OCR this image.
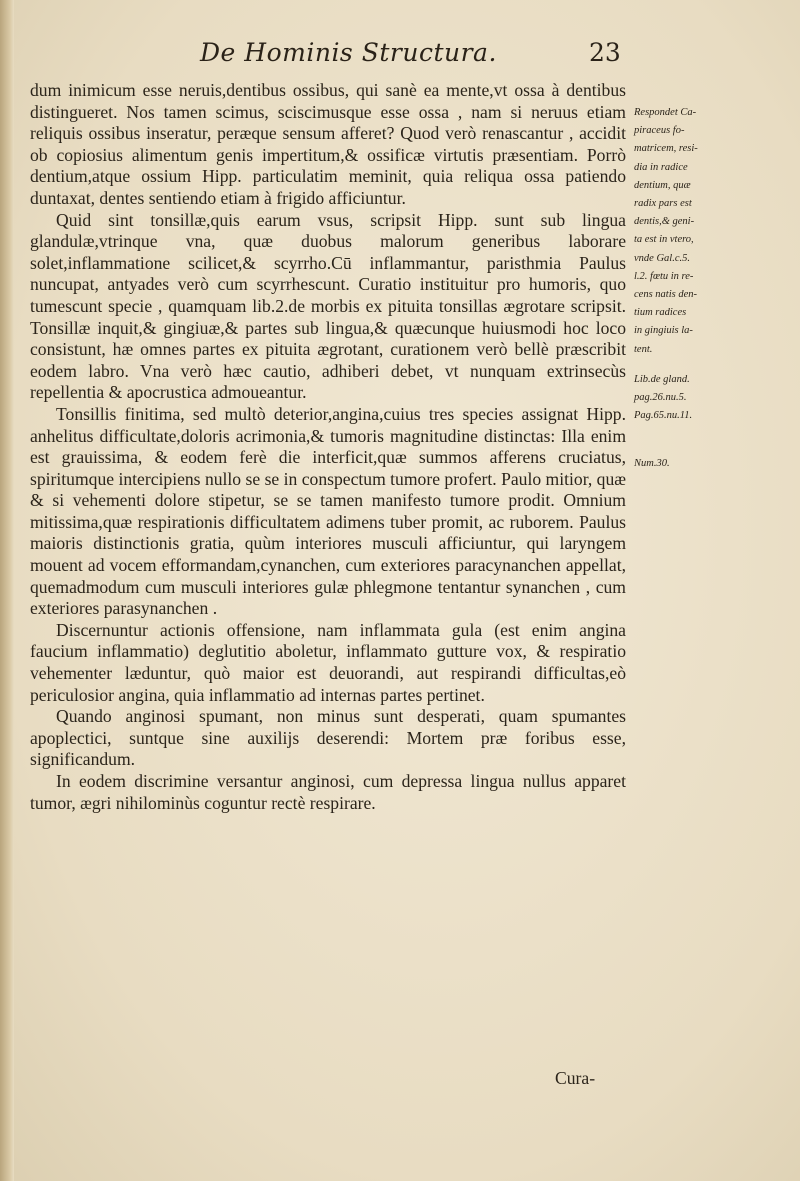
De Hominis Structura.	23

dum inimicum esse neruis,dentibus ossibus, qui sanè ea mente,vt ossa à dentibus distingueret. Nos tamen scimus, sciscimusque esse ossa , nam si neruus etiam reliquis ossibus inseratur, peræque sensum afferet? Quod verò renascantur , accidit ob copiosius alimentum genis impertitum,& ossificæ virtutis præsentiam. Porrò dentium,atque ossium Hipp. particulatim meminit, quia reliqua ossa patiendo duntaxat, dentes sentiendo etiam à frigido afficiuntur.

Quid sint tonsillæ,quis earum vsus, scripsit Hipp. sunt sub lingua glandulæ,vtrinque vna, quæ duobus malorum generibus laborare solet,inflammatione scilicet,& scyrrho.Cū inflammantur, paristhmia Paulus nuncupat, antyades verò cum scyrrhescunt. Curatio instituitur pro humoris, quo tumescunt specie , quamquam lib.2.de morbis ex pituita tonsillas ægrotare scripsit. Tonsillæ inquit,& gingiuæ,& partes sub lingua,& quæcunque huiusmodi hoc loco consistunt, hæ omnes partes ex pituita ægrotant, curationem verò bellè præscribit eodem labro. Vna verò hæc cautio, adhiberi debet, vt nunquam extrinsecùs repellentia & apocrustica admoueantur.

Tonsillis finitima, sed multò deterior,angina,cuius tres species assignat Hipp. anhelitus difficultate,doloris acrimonia,& tumoris magnitudine distinctas: Illa enim est grauissima, & eodem ferè die interficit,quæ summos afferens cruciatus, spiritumque intercipiens nullo se se in conspectum tumore profert. Paulo mitior, quæ & si vehementi dolore stipetur, se se tamen manifesto tumore prodit. Omnium mitissima,quæ respirationis difficultatem adimens tuber promit, ac ruborem. Paulus maioris distinctionis gratia, quùm interiores musculi afficiuntur, qui laryngem mouent ad vocem efformandam,cynanchen, cum exteriores paracynanchen appellat, quemadmodum cum musculi interiores gulæ phlegmone tentantur synanchen , cum exteriores parasynanchen .

Discernuntur actionis offensione, nam inflammata gula (est enim angina faucium inflammatio) deglutitio aboletur, inflammato gutture vox, & respiratio vehementer læduntur, quò maior est deuorandi, aut respirandi difficultas,eò periculosior angina, quia inflammatio ad internas partes pertinet.

Quando anginosi spumant, non minus sunt desperati, quam spumantes apoplectici, suntque sine auxilijs deserendi: Mortem præ foribus esse, significandum.

In eodem discrimine versantur anginosi, cum depressa lingua nullus apparet tumor, ægri nihilominùs coguntur rectè respirare.

Respondet Ca-
piraceus fo-
matricem, resi-
dia in radice
dentium, quæ
radix pars est
dentis,& geni-
ta est in vtero,
vnde Gal.c.5.
l.2. fœtu in re-
cens natis den-
tium radices
in gingiuis la-
tent.
Lib.de gland.
pag.26.nu.5.
Pag.65.nu.11.
Num.30.
Cura-
